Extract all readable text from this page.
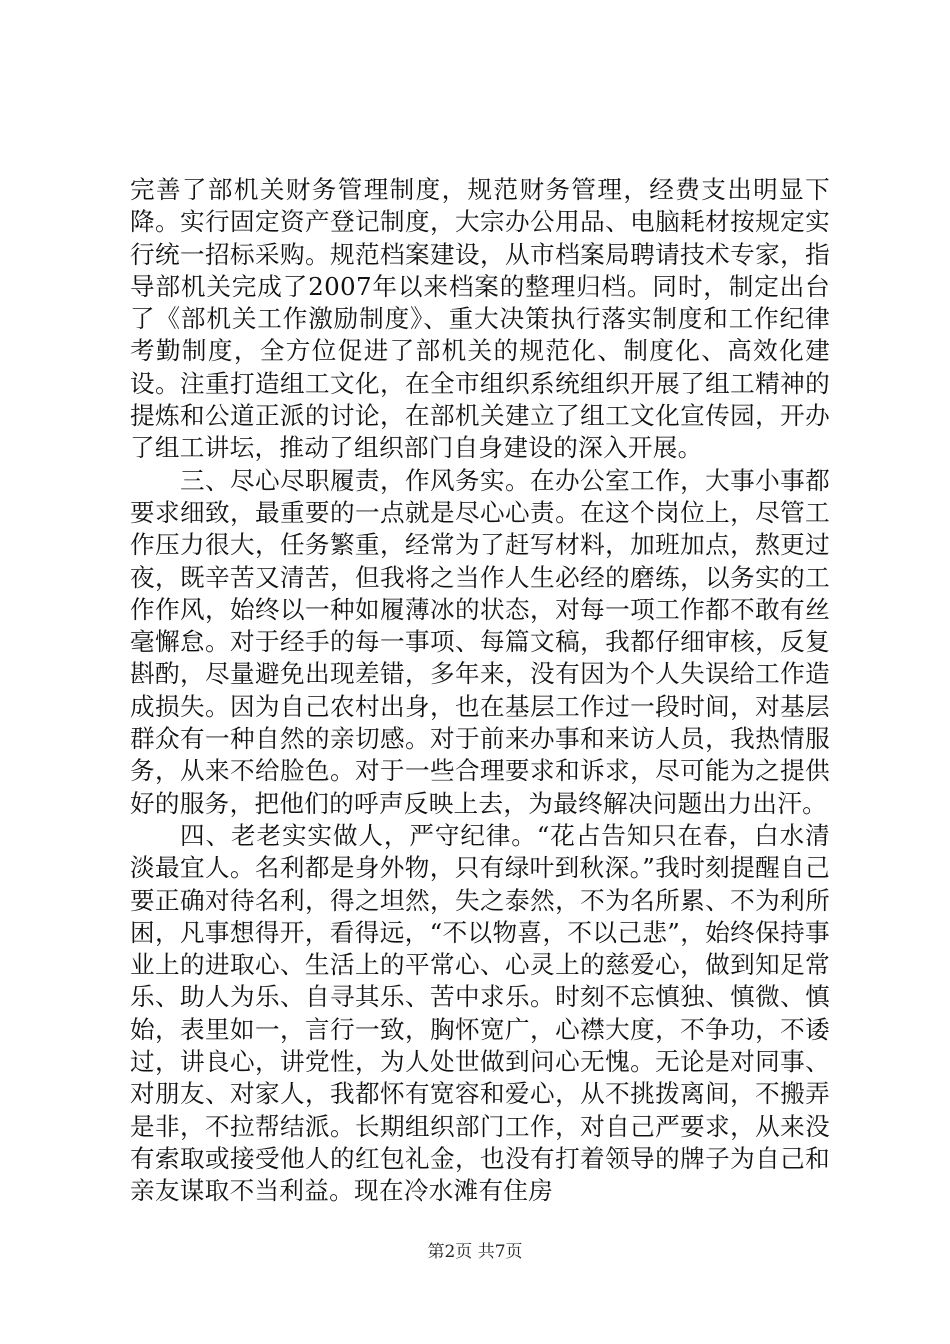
完善了部机关财务管理制度，规范财务管理，经费支出明显下降。实行固定资产登记制度，大宗办公用品、电脑耗材按规定实行统一招标采购。规范档案建设，从市档案局聘请技术专家，指导部机关完成了2007年以来档案的整理归档。同时，制定出台了《部机关工作激励制度》、重大决策执行落实制度和工作纪律考勤制度，全方位促进了部机关的规范化、制度化、高效化建设。注重打造组工文化，在全市组织系统组织开展了组工精神的提炼和公道正派的讨论，在部机关建立了组工文化宣传园，开办了组工讲坛，推动了组织部门自身建设的深入开展。

三、尽心尽职履责，作风务实。在办公室工作，大事小事都要求细致，最重要的一点就是尽心心责。在这个岗位上，尽管工作压力很大，任务繁重，经常为了赶写材料，加班加点，熬更过夜，既辛苦又清苦，但我将之当作人生必经的磨练，以务实的工作作风，始终以一种如履薄冰的状态，对每一项工作都不敢有丝毫懈怠。对于经手的每一事项、每篇文稿，我都仔细审核，反复斟酌，尽量避免出现差错，多年来，没有因为个人失误给工作造成损失。因为自己农村出身，也在基层工作过一段时间，对基层群众有一种自然的亲切感。对于前来办事和来访人员，我热情服务，从来不给脸色。对于一些合理要求和诉求，尽可能为之提供好的服务，把他们的呼声反映上去，为最终解决问题出力出汗。

四、老老实实做人，严守纪律。“花占告知只在春，白水清淡最宜人。名利都是身外物，只有绿叶到秋深。”我时刻提醒自己要正确对待名利，得之坦然，失之泰然，不为名所累、不为利所困，凡事想得开，看得远，“不以物喜，不以己悲”，始终保持事业上的进取心、生活上的平常心、心灵上的慈爱心，做到知足常乐、助人为乐、自寻其乐、苦中求乐。时刻不忘慎独、慎微、慎始，表里如一，言行一致，胸怀宽广，心襟大度，不争功，不诿过，讲良心，讲党性，为人处世做到问心无愧。无论是对同事、对朋友、对家人，我都怀有宽容和爱心，从不挑拨离间，不搬弄是非，不拉帮结派。长期组织部门工作，对自己严要求，从来没有索取或接受他人的红包礼金，也没有打着领导的牌子为自己和亲友谋取不当利益。现在冷水滩有住房

第2页 共7页
